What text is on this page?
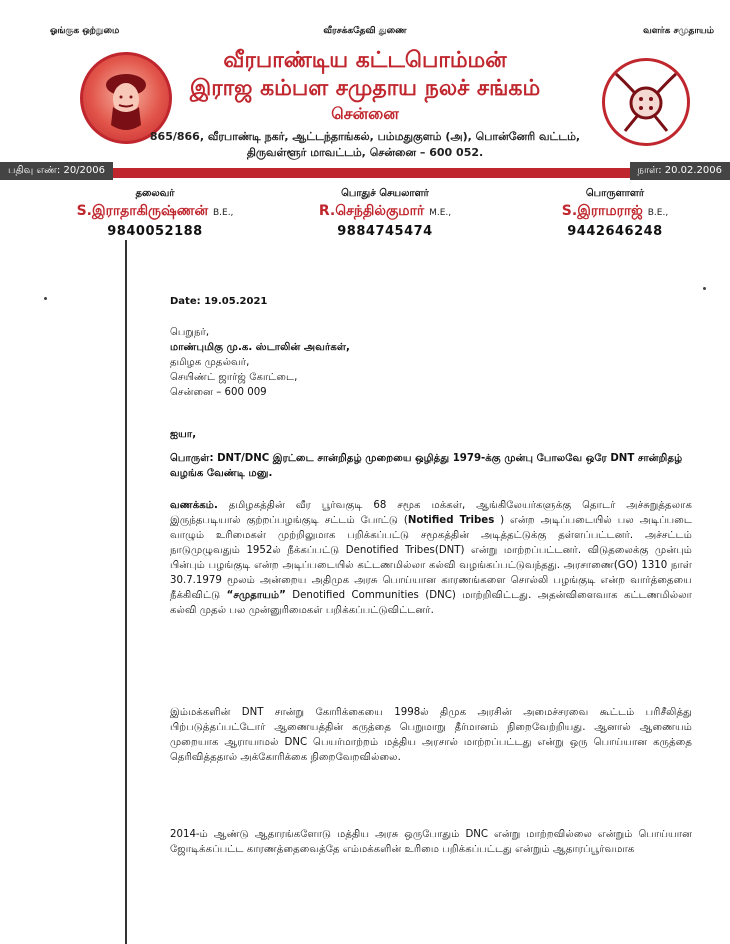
ஓங்குக ஒற்றுமை	வீரசக்கதேவி துணை	வளர்க சமுதாயம்
வீரபாண்டிய கட்டபொம்மன்
இராஜ கம்பள சமுதாய நலச் சங்கம்
சென்னை
865/866, வீரபாண்டி நகர், ஆட்டந்தாங்கல், பம்மதுகுளம் (அ), பொன்னேரி வட்டம்,
திருவள்ளூர் மாவட்டம், சென்னை – 600 052.
பதிவு எண்: 20/2006	நாள்: 20.02.2006
தலைவர்
S.இராதாகிருஷ்ணன் B.E.,
9840052188
பொதுச் செயலாளர்
R.செந்தில்குமார் M.E.,
9884745474
பொருளாளர்
S.இராமராஜ் B.E.,
9442646248
Date: 19.05.2021
பெறுநர்,
மாண்புமிகு மு.க. ஸ்டாலின் அவர்கள்,
தமிழக முதல்வர்,
செயிண்ட் ஜார்ஜ் கோட்டை,
சென்னை – 600 009
ஐயா,
பொருள்: DNT/DNC இரட்டை சான்றிதழ் முறையை ஒழித்து 1979-க்கு முன்பு போலவே ஒரே DNT சான்றிதழ் வழங்க வேண்டி மனு.
வணக்கம். தமிழகத்தின் வீர பூர்வகுடி 68 சமூக மக்கள், ஆங்கிலேயர்களுக்கு தொடர் அச்சுறுத்தலாக இருந்தபடியால் குற்றப்பழங்குடி சட்டம் போட்டு (Notified Tribes ) என்ற அடிப்படையில் பல அடிப்படை வாழும் உரிமைகள் முற்றிலுமாக பறிக்கப்பட்டு சமூகத்தின் அடித்தட்டுக்கு தள்ளப்பட்டனர். அச்சட்டம் நாடுமுழுவதும் 1952ல் நீக்கப்பட்டு Denotified Tribes(DNT) என்று மாற்றப்பட்டனர். விடுதலைக்கு முன்பும் பின்பும் பழங்குடி என்ற அடிப்படையில் கட்டணமில்லா கல்வி வழங்கப்பட்டுவந்தது. அரசாணை(GO) 1310 நாள் 30.7.1979 மூலம் அன்றைய அதிமுக அரசு பொய்யான காரணங்களை சொல்லி பழங்குடி என்ற வார்த்தையை நீக்கிவிட்டு “சமுதாயம்” Denotified Communities (DNC) மாற்றிவிட்டது. அதன்விளைவாக கட்டணமில்லா கல்வி முதல் பல முன்னுரிமைகள் பறிக்கப்பட்டுவிட்டனர்.
இம்மக்களின் DNT சான்று கோரிக்கையை 1998ல் திமுக அரசின் அமைச்சரவை கூட்டம் பரிசீலித்து பிற்படுத்தப்பட்டோர் ஆணையத்தின் கருத்தை பெறுமாறு தீர்மானம் நிறைவேற்றியது. ஆனால் ஆணையம் முறையாக ஆராயாமல் DNC பெயர்மாற்றம் மத்திய அரசால் மாற்றப்பட்டது என்று ஒரு பொய்யான கருத்தை தெரிவித்ததால் அக்கோரிக்கை நிறைவேறவில்லை.
2014-ம் ஆண்டு ஆதாரங்களோடு மத்திய அரசு ஒருபோதும் DNC என்று மாற்றவில்லை என்றும் பொய்யான ஜோடிக்கப்பட்ட காரணத்தைவைத்தே எம்மக்களின் உரிமை பறிக்கப்பட்டது என்றும் ஆதாரப்பூர்வமாக
